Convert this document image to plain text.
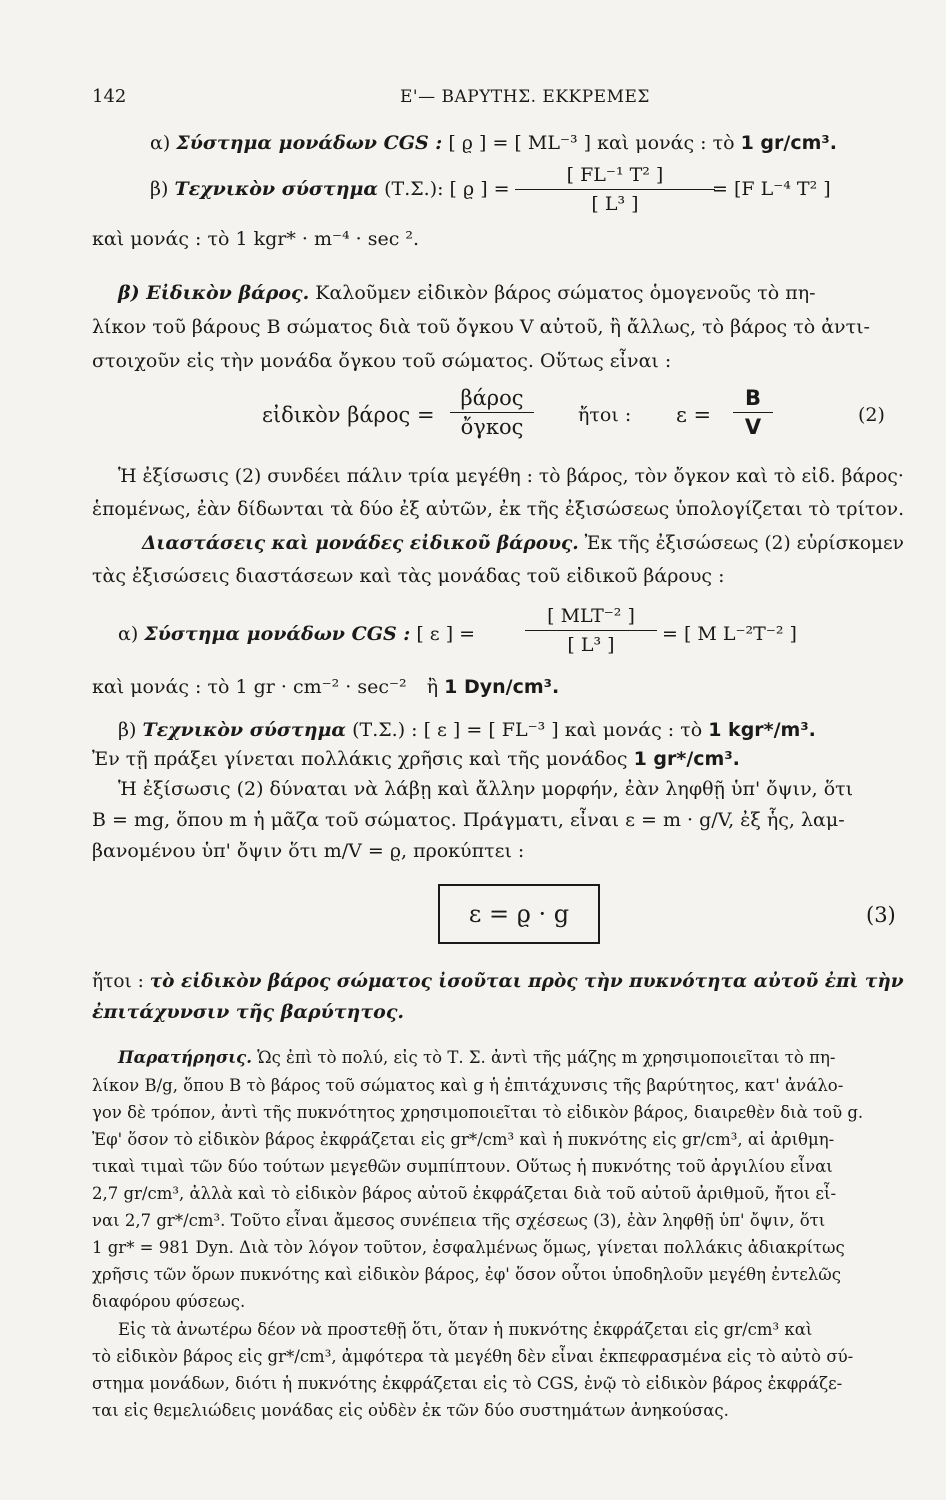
142	Ε'— ΒΑΡΥΤΗΣ. ΕΚΚΡΕΜΕΣ
α) Σύστημα μονάδων CGS : [ ϱ ] = [ ML⁻³ ] καὶ μονάς : τὸ 1 gr/cm³.
β) Τεχνικὸν σύστημα (Τ.Σ.): [ ϱ ] = $\frac{\text{[ FL⁻¹ T² ]}}{\text{[ L³ ]}}$
= [F L⁻⁴ T² ]
καὶ μονάς : τὸ 1 kgr* · m⁻⁴ · sec ².
β) Εἰδικὸν βάρος. Καλοῦμεν εἰδικὸν βάρος σώματος ὁμογενοῦς τὸ πη-
λίκον τοῦ βάρους B σώματος διὰ τοῦ ὄγκου V αὐτοῦ, ἢ ἄλλως, τὸ βάρος τὸ ἀντι-
στοιχοῦν εἰς τὴν μονάδα ὄγκου τοῦ σώματος. Οὕτως εἶναι :
εἰδικὸν βάρος =
βάρος
ὄγκος	ἤτοι : $\varepsilon = \frac{B}{V}$	(2)
Ἡ ἐξίσωσις (2) συνδέει πάλιν τρία μεγέθη : τὸ βάρος, τὸν ὄγκον καὶ τὸ εἰδ. βάρος·
ἑπομένως, ἐὰν δίδωνται τὰ δύο ἐξ αὐτῶν, ἐκ τῆς ἐξισώσεως ὑπολογίζεται τὸ τρίτον.
Διαστάσεις καὶ μονάδες εἰδικοῦ βάρους. Ἐκ τῆς ἐξισώσεως (2) εὑρίσκομεν
τὰς ἐξισώσεις διαστάσεων καὶ τὰς μονάδας τοῦ εἰδικοῦ βάρους :
α) Σύστημα μονάδων CGS : [ ε ] =
[ MLT⁻² ]
[ L³ ]	= [ M L⁻²T⁻² ]
καὶ μονάς : τὸ 1 gr · cm⁻² · sec⁻² ἢ 1 Dyn/cm³.
β) Τεχνικὸν σύστημα (Τ.Σ.) : [ ε ] = [ FL⁻³ ] καὶ μονάς : τὸ 1 kgr*/m³.
Ἐν τῇ πράξει γίνεται πολλάκις χρῆσις καὶ τῆς μονάδος 1 gr*/cm³.
Ἡ ἐξίσωσις (2) δύναται νὰ λάβῃ καὶ ἄλλην μορφήν, ἐὰν ληφθῇ ὑπ' ὄψιν, ὅτι
B = mg, ὅπου m ἡ μᾶζα τοῦ σώματος. Πράγματι, εἶναι ε = m · g/V, ἐξ ἧς, λαμ-
βανομένου ὑπ' ὄψιν ὅτι m/V = ϱ, προκύπτει :
ε = ϱ · g	(3)
ἤτοι : τὸ εἰδικὸν βάρος σώματος ἰσοῦται πρὸς τὴν πυκνότητα αὐτοῦ ἐπὶ τὴν
ἐπιτάχυνσιν τῆς βαρύτητος.
Παρατήρησις. Ὡς ἐπὶ τὸ πολύ, εἰς τὸ Τ. Σ. ἀντὶ τῆς μάζης m χρησιμοποιεῖται τὸ πη-
λίκον B/g, ὅπου B τὸ βάρος τοῦ σώματος καὶ g ἡ ἐπιτάχυνσις τῆς βαρύτητος, κατ' ἀνάλο-
γον δὲ τρόπον, ἀντὶ τῆς πυκνότητος χρησιμοποιεῖται τὸ εἰδικὸν βάρος, διαιρεθὲν διὰ τοῦ g.
Ἐφ' ὅσον τὸ εἰδικὸν βάρος ἐκφράζεται εἰς gr*/cm³ καὶ ἡ πυκνότης εἰς gr/cm³, αἱ ἀριθμη-
τικαὶ τιμαὶ τῶν δύο τούτων μεγεθῶν συμπίπτουν. Οὕτως ἡ πυκνότης τοῦ ἀργιλίου εἶναι
2,7 gr/cm³, ἀλλὰ καὶ τὸ εἰδικὸν βάρος αὐτοῦ ἐκφράζεται διὰ τοῦ αὐτοῦ ἀριθμοῦ, ἤτοι εἶ-
ναι 2,7 gr*/cm³. Τοῦτο εἶναι ἄμεσος συνέπεια τῆς σχέσεως (3), ἐὰν ληφθῇ ὑπ' ὄψιν, ὅτι
1 gr* = 981 Dyn. Διὰ τὸν λόγον τοῦτον, ἐσφαλμένως ὅμως, γίνεται πολλάκις ἀδιακρίτως
χρῆσις τῶν ὅρων πυκνότης καὶ εἰδικὸν βάρος, ἐφ' ὅσον οὗτοι ὑποδηλοῦν μεγέθη ἐντελῶς
διαφόρου φύσεως.
Εἰς τὰ ἀνωτέρω δέον νὰ προστεθῇ ὅτι, ὅταν ἡ πυκνότης ἐκφράζεται εἰς gr/cm³ καὶ
τὸ εἰδικὸν βάρος εἰς gr*/cm³, ἀμφότερα τὰ μεγέθη δὲν εἶναι ἐκπεφρασμένα εἰς τὸ αὐτὸ σύ-
στημα μονάδων, διότι ἡ πυκνότης ἐκφράζεται εἰς τὸ CGS, ἐνῷ τὸ εἰδικὸν βάρος ἐκφράζε-
ται εἰς θεμελιώδεις μονάδας εἰς οὐδὲν ἐκ τῶν δύο συστημάτων ἀνηκούσας.
